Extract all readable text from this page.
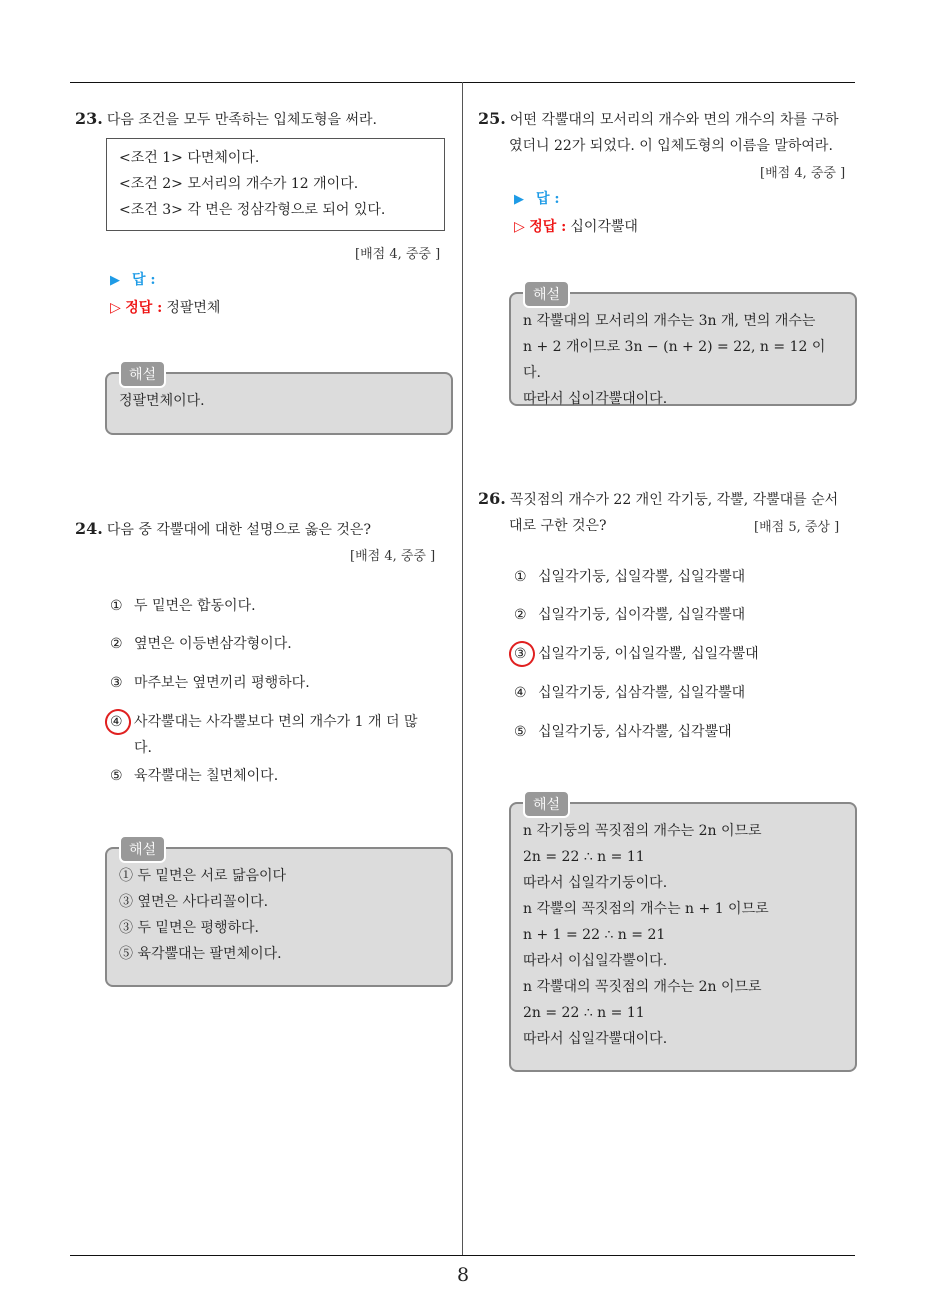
23. 다음 조건을 모두 만족하는 입체도형을 써라.
<조건 1> 다면체이다.
<조건 2> 모서리의 개수가 12 개이다.
<조건 3> 각 면은 정삼각형으로 되어 있다.
[배점 4, 중중 ]
▶ 답 :
▷ 정답 : 정팔면체
해설
정팔면체이다.
24. 다음 중 각뿔대에 대한 설명으로 옳은 것은?
[배점 4, 중중 ]
① 두 밑면은 합동이다.
② 옆면은 이등변삼각형이다.
③ 마주보는 옆면끼리 평행하다.
④ 사각뿔대는 사각뿔보다 면의 개수가 1 개 더 많
다.
⑤ 육각뿔대는 칠면체이다.
해설
① 두 밑면은 서로 닮음이다
③ 옆면은 사다리꼴이다.
③ 두 밑면은 평행하다.
⑤ 육각뿔대는 팔면체이다.
25. 어떤 각뿔대의 모서리의 개수와 면의 개수의 차를 구하
였더니 22가 되었다. 이 입체도형의 이름을 말하여라.
[배점 4, 중중 ]
▶ 답 :
▷ 정답 : 십이각뿔대
해설
n 각뿔대의 모서리의 개수는 3n 개, 면의 개수는
n + 2 개이므로 3n − (n + 2) = 22, n = 12 이다.
따라서 십이각뿔대이다.
26. 꼭짓점의 개수가 22 개인 각기둥, 각뿔, 각뿔대를 순서
대로 구한 것은?	[배점 5, 중상 ]
① 십일각기둥, 십일각뿔, 십일각뿔대
② 십일각기둥, 십이각뿔, 십일각뿔대
③ 십일각기둥, 이십일각뿔, 십일각뿔대
④ 십일각기둥, 십삼각뿔, 십일각뿔대
⑤ 십일각기둥, 십사각뿔, 십각뿔대
해설
n 각기둥의 꼭짓점의 개수는 2n 이므로
2n = 22 ∴ n = 11
따라서 십일각기둥이다.
n 각뿔의 꼭짓점의 개수는 n + 1 이므로
n + 1 = 22 ∴ n = 21
따라서 이십일각뿔이다.
n 각뿔대의 꼭짓점의 개수는 2n 이므로
2n = 22 ∴ n = 11
따라서 십일각뿔대이다.
8
